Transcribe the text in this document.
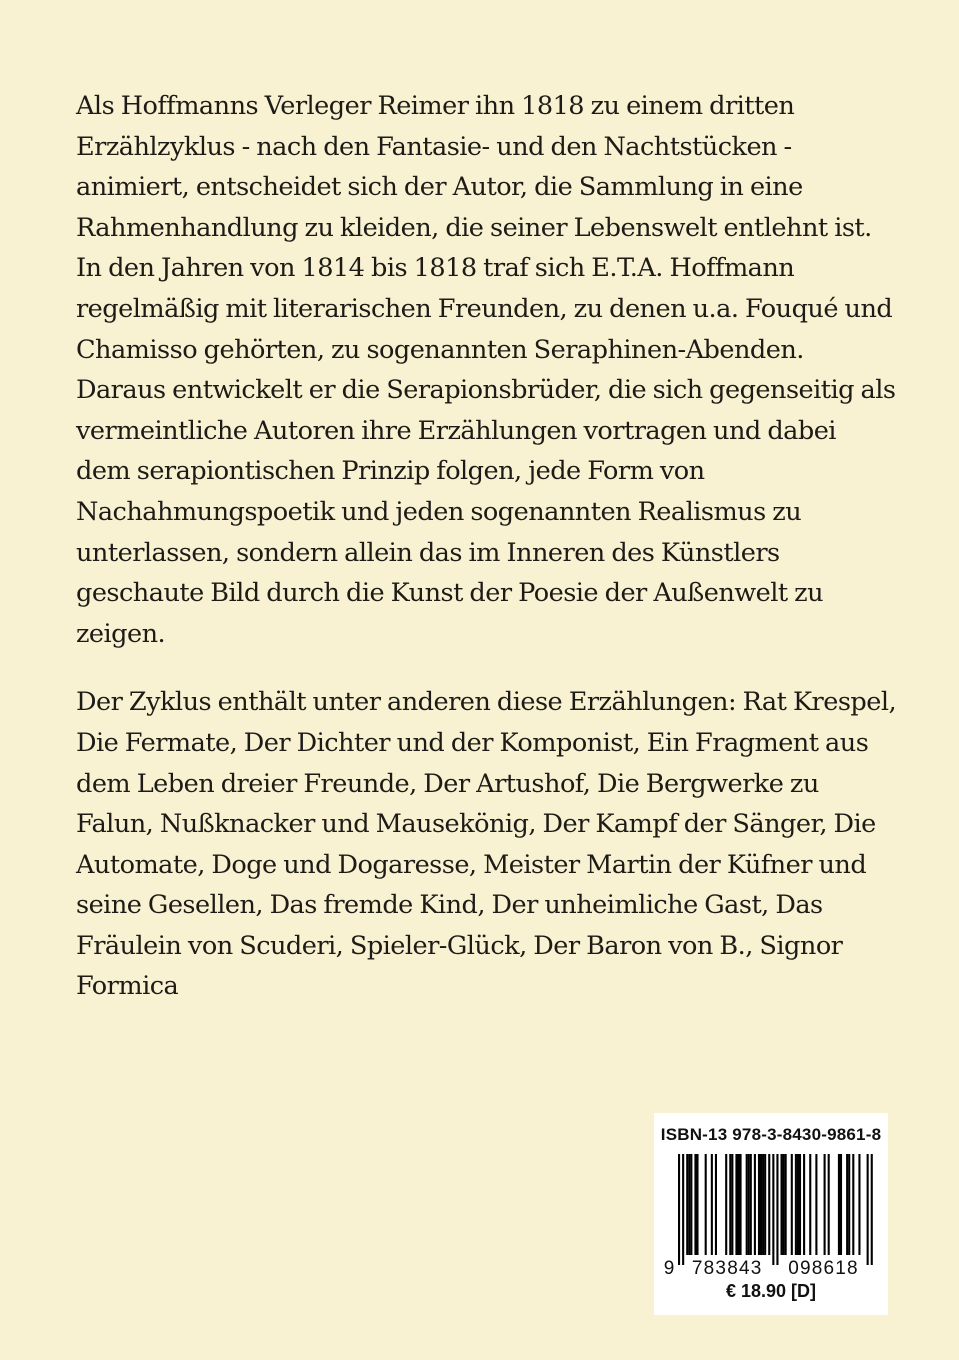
Als Hoffmanns Verleger Reimer ihn 1818 zu einem dritten
Erzählzyklus - nach den Fantasie- und den Nachtstücken -
animiert, entscheidet sich der Autor, die Sammlung in eine
Rahmenhandlung zu kleiden, die seiner Lebenswelt entlehnt ist.
In den Jahren von 1814 bis 1818 traf sich E.T.A. Hoffmann
regelmäßig mit literarischen Freunden, zu denen u.a. Fouqué und
Chamisso gehörten, zu sogenannten Seraphinen-Abenden.
Daraus entwickelt er die Serapionsbrüder, die sich gegenseitig als
vermeintliche Autoren ihre Erzählungen vortragen und dabei
dem serapiontischen Prinzip folgen, jede Form von
Nachahmungspoetik und jeden sogenannten Realismus zu
unterlassen, sondern allein das im Inneren des Künstlers
geschaute Bild durch die Kunst der Poesie der Außenwelt zu
zeigen.
Der Zyklus enthält unter anderen diese Erzählungen: Rat Krespel,
Die Fermate, Der Dichter und der Komponist, Ein Fragment aus
dem Leben dreier Freunde, Der Artushof, Die Bergwerke zu
Falun, Nußknacker und Mausekönig, Der Kampf der Sänger, Die
Automate, Doge und Dogaresse, Meister Martin der Küfner und
seine Gesellen, Das fremde Kind, Der unheimliche Gast, Das
Fräulein von Scuderi, Spieler-Glück, Der Baron von B., Signor
Formica
ISBN-13 978-3-8430-9861-8
9 783843 098618
€ 18.90 [D]
